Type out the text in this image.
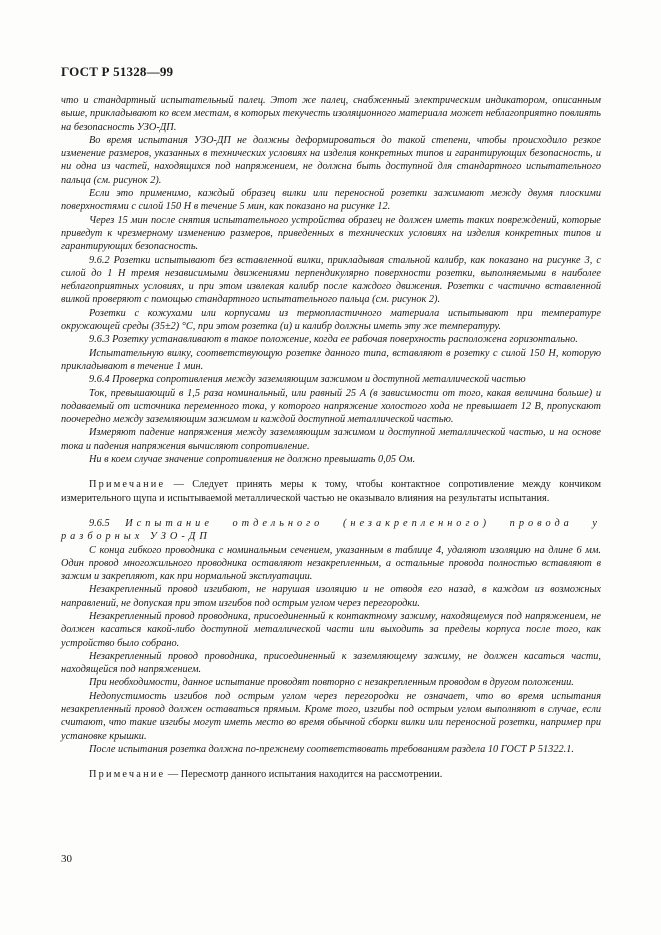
ГОСТ Р 51328—99

что и стандартный испытательный палец. Этот же палец, снабженный электрическим индикатором, описанным выше, прикладывают ко всем местам, в которых текучесть изоляционного материала может неблагоприятно повлиять на безопасность УЗО-ДП.

Во время испытания УЗО-ДП не должны деформироваться до такой степени, чтобы происходило резкое изменение размеров, указанных в технических условиях на изделия конкретных типов и гарантирующих безопасность, и ни одна из частей, находящихся под напряжением, не должна быть доступной для стандартного испытательного пальца (см. рисунок 2).

Если это применимо, каждый образец вилки или переносной розетки зажимают между двумя плоскими поверхностями с силой 150 Н в течение 5 мин, как показано на рисунке 12.

Через 15 мин после снятия испытательного устройства образец не должен иметь таких повреждений, которые приведут к чрезмерному изменению размеров, приведенных в технических условиях на изделия конкретных типов и гарантирующих безопасность.

9.6.2 Розетки испытывают без вставленной вилки, прикладывая стальной калибр, как показано на рисунке 3, с силой до 1 Н тремя независимыми движениями перпендикулярно поверхности розетки, выполняемыми в наиболее неблагоприятных условиях, и при этом извлекая калибр после каждого движения. Розетки с частично вставленной вилкой проверяют с помощью стандартного испытательного пальца (см. рисунок 2).

Розетки с кожухами или корпусами из термопластичного материала испытывают при температуре окружающей среды (35±2) °С, при этом розетка (и) и калибр должны иметь эту же температуру.

9.6.3 Розетку устанавливают в такое положение, когда ее рабочая поверхность расположена горизонтально.

Испытательную вилку, соответствующую розетке данного типа, вставляют в розетку с силой 150 Н, которую прикладывают в течение 1 мин.

9.6.4 Проверка сопротивления между заземляющим зажимом и доступной металлической частью

Ток, превышающий в 1,5 раза номинальный, или равный 25 А (в зависимости от того, какая величина больше) и подаваемый от источника переменного тока, у которого напряжение холостого хода не превышает 12 В, пропускают поочередно между заземляющим зажимом и каждой доступной металлической частью.

Измеряют падение напряжения между заземляющим зажимом и доступной металлической частью, и на основе тока и падения напряжения вычисляют сопротивление.

Ни в коем случае значение сопротивления не должно превышать 0,05 Ом.

Примечание — Следует принять меры к тому, чтобы контактное сопротивление между кончиком измерительного щупа и испытываемой металлической частью не оказывало влияния на результаты испытания.

9.6.5 Испытание отдельного (незакрепленного) провода у разборных УЗО-ДП

С конца гибкого проводника с номинальным сечением, указанным в таблице 4, удаляют изоляцию на длине 6 мм. Один провод многожильного проводника оставляют незакрепленным, а остальные провода полностью вставляют в зажим и закрепляют, как при нормальной эксплуатации.

Незакрепленный провод изгибают, не нарушая изоляцию и не отводя его назад, в каждом из возможных направлений, не допуская при этом изгибов под острым углом через перегородки.

Незакрепленный провод проводника, присоединенный к контактному зажиму, находящемуся под напряжением, не должен касаться какой-либо доступной металлической части или выходить за пределы корпуса после того, как устройство было собрано.

Незакрепленный провод проводника, присоединенный к заземляющему зажиму, не должен касаться части, находящейся под напряжением.

При необходимости, данное испытание проводят повторно с незакрепленным проводом в другом положении.

Недопустимость изгибов под острым углом через перегородки не означает, что во время испытания незакрепленный провод должен оставаться прямым. Кроме того, изгибы под острым углом выполняют в случае, если считают, что такие изгибы могут иметь место во время обычной сборки вилки или переносной розетки, например при установке крышки.

После испытания розетка должна по-прежнему соответствовать требованиям раздела 10 ГОСТ Р 51322.1.

Примечание — Пересмотр данного испытания находится на рассмотрении.

30
